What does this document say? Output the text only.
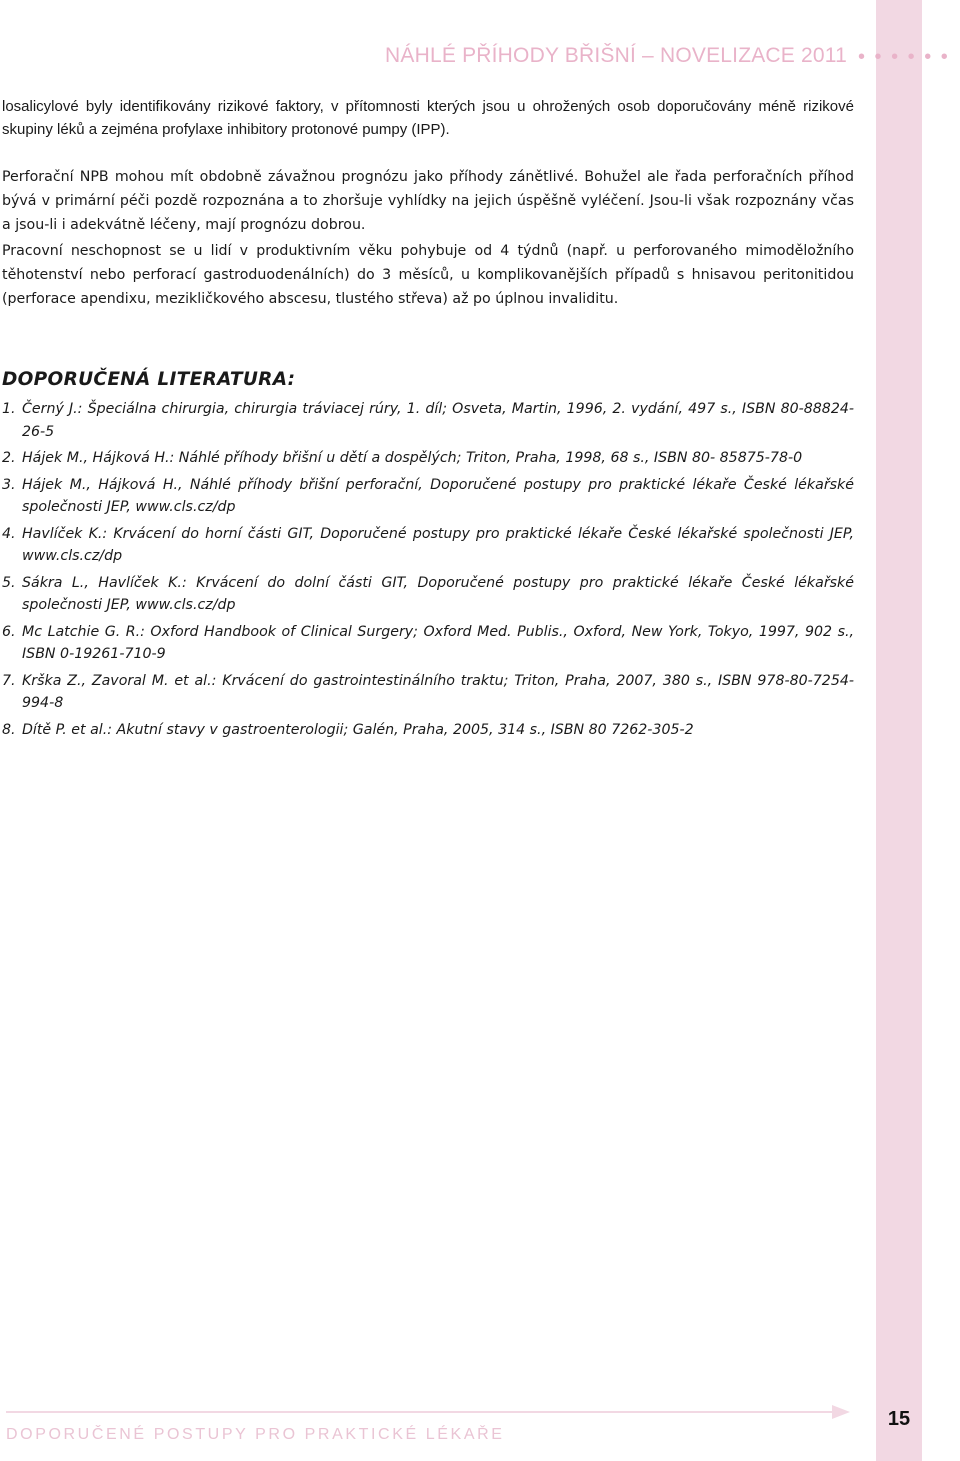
NÁHLÉ PŘÍHODY BŘIŠNÍ – NOVELIZACE 2011 • • • • • •

losalicylové byly identifikovány rizikové faktory, v přítomnosti kterých jsou u ohrožených osob doporučovány méně rizikové skupiny léků a zejména profylaxe inhibitory protonové pumpy (IPP).

Perforační NPB mohou mít obdobně závažnou prognózu jako příhody zánětlivé. Bohužel ale řada perforačních příhod bývá v primární péči pozdě rozpoznána a to zhoršuje vyhlídky na jejich úspěšně vyléčení. Jsou-li však rozpoznány včas a jsou-li i adekvátně léčeny, mají prognózu dobrou.

Pracovní neschopnost se u lidí v produktivním věku pohybuje od 4 týdnů (např. u perforovaného mimoděložního těhotenství nebo perforací gastroduodenálních) do 3 měsíců, u komplikovanějších případů s hnisavou peritonitidou (perforace apendixu, mezikličkového abscesu, tlustého střeva) až po úplnou invaliditu.

DOPORUČENÁ LITERATURA:
1. Černý J.: Špeciálna chirurgia, chirurgia tráviacej rúry, 1. díl; Osveta, Martin, 1996, 2. vydání, 497 s., ISBN 80-88824-26-5
2. Hájek M., Hájková H.: Náhlé příhody břišní u dětí a dospělých; Triton, Praha, 1998, 68 s., ISBN 80- 85875-78-0
3. Hájek M., Hájková H., Náhlé příhody břišní perforační, Doporučené postupy pro praktické lékaře České lékařské společnosti JEP, www.cls.cz/dp
4. Havlíček K.: Krvácení do horní části GIT, Doporučené postupy pro praktické lékaře České lékařské společnosti JEP, www.cls.cz/dp
5. Sákra L., Havlíček K.: Krvácení do dolní části GIT, Doporučené postupy pro praktické lékaře České lékařské společnosti JEP, www.cls.cz/dp
6. Mc Latchie G. R.: Oxford Handbook of Clinical Surgery; Oxford Med. Publis., Oxford, New York, Tokyo, 1997, 902 s., ISBN 0-19261-710-9
7. Krška Z., Zavoral M. et al.: Krvácení do gastrointestinálního traktu; Triton, Praha, 2007, 380 s., ISBN 978-80-7254-994-8
8. Dítě P. et al.: Akutní stavy v gastroenterologii; Galén, Praha, 2005, 314 s., ISBN 80 7262-305-2
DOPORUČENÉ POSTUPY PRO PRAKTICKÉ LÉKAŘE
15
